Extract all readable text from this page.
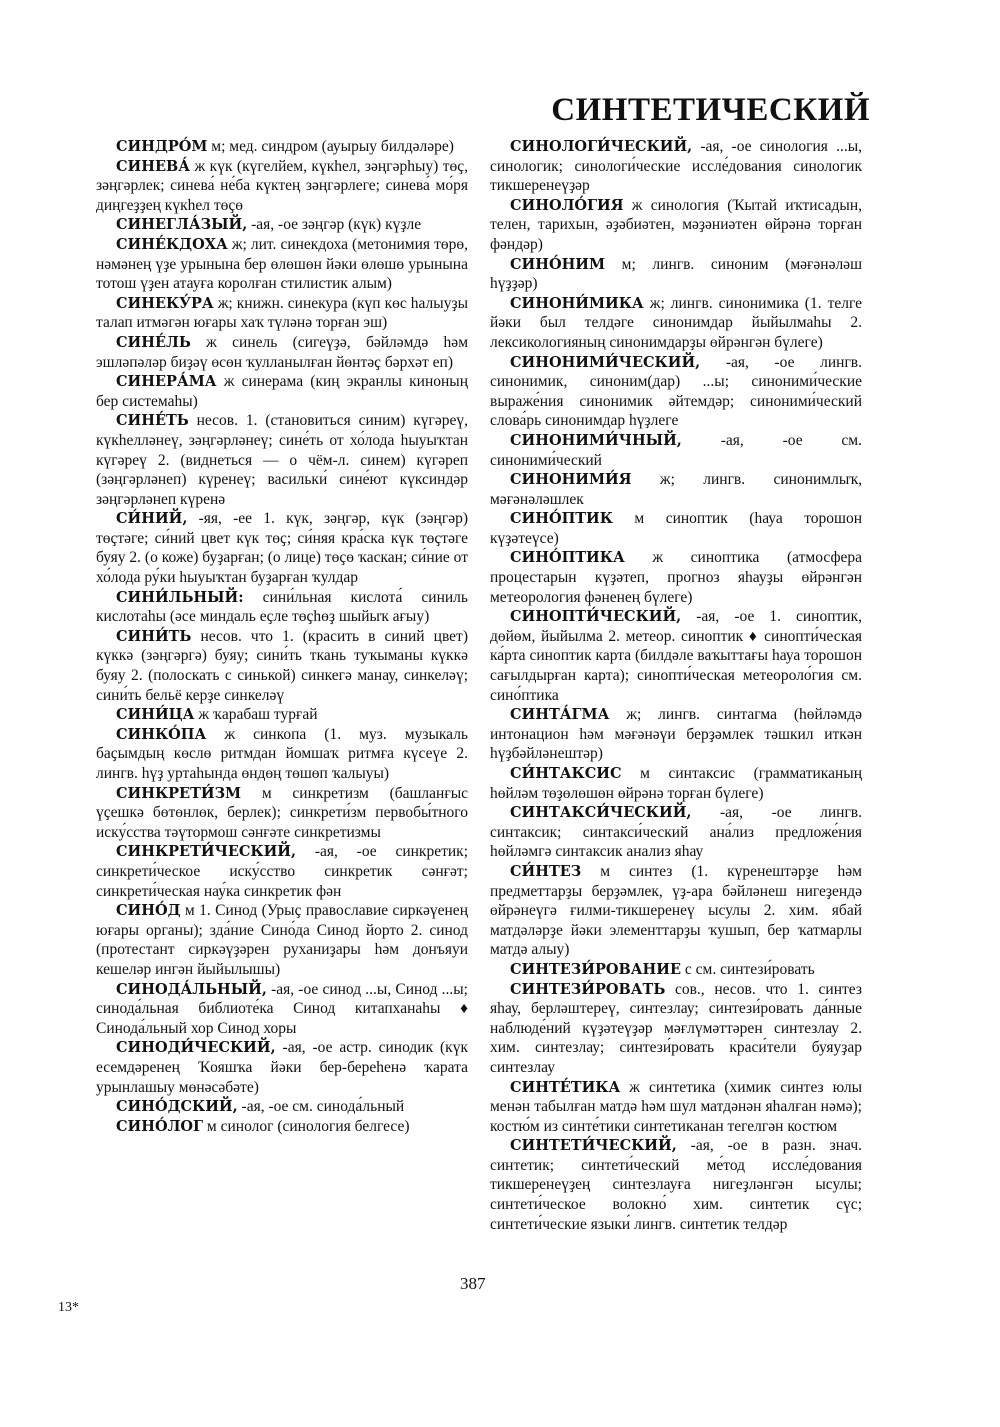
СИНТЕТИЧЕСКИЙ
СИНДРО́М м; мед. синдром (ауырыу билдәләре)
СИНЕВА́ ж күк (күгелйем, күкһел, зәңгәрһыу) төҫ, зәңгәрлек; синева́ не́ба күктең зәңгәрлеге; синева́ мо́ря диңгеҙҙең күкһел төҫө
СИНЕГЛА́ЗЫЙ, -ая, -ое зәңгәр (күк) күҙле
СИНЕ́КДОХА ж; лит. синекдоха (метонимия төрө, нәмәнең үҙе урынына бер өлөшөн йәки өлөшө урынына тотош үҙен атауға королған стилистик алым)
СИНЕКУ́РА ж; книжн. синекура (күп көс һалыуҙы талап итмәгән юғары хаҡ түләнә торған эш)
СИНЕ́ЛЬ ж синель (сигеүҙә, бәйләмдә һәм эшләпәләр биҙәү өсөн ҡулланылған йөнтәҫ бәрхәт еп)
СИНЕРА́МА ж синерама (киң экранлы киноның бер системаһы)
СИНЕ́ТЬ несов. 1. (становиться синим) күгәреү, күкһелләнеү, зәңгәрләнеү; сине́ть от хо́лода һыуыҡтан күгәреү 2. (виднеться — о чём-л. синем) күгәреп (зәңгәрләнеп) күренеү; васильки́ сине́ют күксиндәр зәңгәрләнеп күренә
СИ́НИЙ, -яя, -ее 1. күк, зәңгәр, күк (зәңгәр) төҫтәге; си́ний цвет күк төҫ; си́няя кра́ска күк төҫтәге буяу 2. (о коже) буҙарған; (о лице) төҫө ҡаскан; си́ние от хо́лода ру́ки һыуыҡтан буҙарған ҡулдар
СИНИ́ЛЬНЫЙ: сини́льная кислота́ синиль кислотаһы (әсе миндаль еҫле төҫһөҙ шыйыҡ ағыу)
СИНИ́ТЬ несов. что 1. (красить в синий цвет) күккә (зәңгәргә) буяу; сини́ть ткань туҡыманы күккә буяу 2. (полоскать с синькой) синкегә манау, синкеләү; сини́ть бельё керҙе синкеләү
СИНИ́ЦА ж ҡарабаш турғай
СИНКО́ПА ж синкопа (1. муз. музыкаль баҫымдың көслө ритмдан йомшаҡ ритмға күсеүе 2. лингв. һүҙ уртаһында өндөң төшөп ҡалыуы)
СИНКРЕТИ́ЗМ м синкретизм (башланғыс үҫешкә бөтөнлөк, берлек); синкрети́зм первобы́тного иску́сства тәүтормош сәнғәте синкретизмы
СИНКРЕТИ́ЧЕСКИЙ, -ая, -ое синкретик; синкрети́ческое иску́сство синкретик сәнғәт; синкрети́ческая нау́ка синкретик фән
СИНО́Д м 1. Синод (Урыҫ православие сиркәүенең юғары органы); зда́ние Сино́да Синод йорто 2. синод (протестант сиркәүҙәрен руханиҙары һәм донъяуи кешеләр ингән йыйылышы)
СИНОДА́ЛЬНЫЙ, -ая, -ое синод ...ы, Синод ...ы; синода́льная библиоте́ка Синод китапханаһы ♦ Синода́льный хор Синод хоры
СИНОДИ́ЧЕСКИЙ, -ая, -ое астр. синодик (күк есемдәренең Ҡояшҡа йәки бер-береһенә ҡарата урынлашыу мөнәсәбәте)
СИНО́ДСКИЙ, -ая, -ое см. синода́льный
СИНО́ЛОГ м синолог (синология белгесе)
СИНОЛОГИ́ЧЕСКИЙ, -ая, -ое синология ...ы, синологик; синологи́ческие иссле́дования синологик тикшеренеүҙәр
СИНОЛО́ГИЯ ж синология (Ҡытай иҡтисадын, телен, тарихын, әҙәбиәтен, мәҙәниәтен өйрәнә торған фәндәр)
СИНО́НИМ м; лингв. синоним (мәғәнәләш һүҙҙәр)
СИНОНИ́МИКА ж; лингв. синонимика (1. телге йәки был телдәге синонимдар йыйылмаһы 2. лексикологияның синонимдарҙы өйрәнгән бүлеге)
СИНОНИМИ́ЧЕСКИЙ, -ая, -ое лингв. синонимик, синоним(дар) ...ы; синоними́ческие выраже́ния синонимик әйтемдәр; синоними́ческий слова́рь синонимдар һүҙлеге
СИНОНИМИ́ЧНЫЙ, -ая, -ое см. синоними́ческий
СИНОНИМИ́Я ж; лингв. синонимлыҡ, мәғәнәләшлек
СИНО́ПТИК м синоптик (һауа торошон күҙәтеүсе)
СИНО́ПТИКА ж синоптика (атмосфера процестарын күҙәтеп, прогноз яһауҙы өйрәнгән метеорология фәненең бүлеге)
СИНОПТИ́ЧЕСКИЙ, -ая, -ое 1. синоптик, дөйөм, йыйылма 2. метеор. синоптик ♦ синопти́ческая ка́рта синоптик карта (билдәле ваҡыттағы һауа торошон сағылдырған карта); синопти́ческая метеороло́гия см. сино́птика
СИНТА́ГМА ж; лингв. синтагма (һөйләмдә интонацион һәм мәғәнәүи берҙәмлек тәшкил иткән һүҙбәйләнештәр)
СИ́НТАКСИС м синтаксис (грамматиканың һөйләм төҙөлөшөн өйрәнә торған бүлеге)
СИНТАКСИ́ЧЕСКИЙ, -ая, -ое лингв. синтаксик; синтакси́ческий ана́лиз предложе́ния һөйләмгә синтаксик анализ яһау
СИ́НТЕЗ м синтез (1. күренештәрҙе һәм предметтарҙы берҙәмлек, үҙ-ара бәйләнеш нигеҙендә өйрәнеүгә ғилми-тикшеренеү ысулы 2. хим. ябай матдәләрҙе йәки элементтарҙы ҡушып, бер ҡатмарлы матдә алыу)
СИНТЕЗИ́РОВАНИЕ с см. синтези́ровать
СИНТЕЗИ́РОВАТЬ сов., несов. что 1. синтез яһау, берләштереү, синтезлау; синтези́ровать да́нные наблюде́ний күҙәтеүҙәр мәғлүмәттәрен синтезлау 2. хим. синтезлау; синтези́ровать краси́тели буяуҙар синтезлау
СИНТЕ́ТИКА ж синтетика (химик синтез юлы менән табылған матдә һәм шул матдәнән яһалған нәмә); костю́м из синте́тики синтетиканан тегелгән костюм
СИНТЕТИ́ЧЕСКИЙ, -ая, -ое в разн. знач. синтетик; синтети́ческий ме́тод иссле́дования тикшеренеүҙең синтезлауға нигеҙләнгән ысулы; синтети́ческое волокно́ хим. синтетик сүс; синтети́ческие языки́ лингв. синтетик телдәр
387
13*
